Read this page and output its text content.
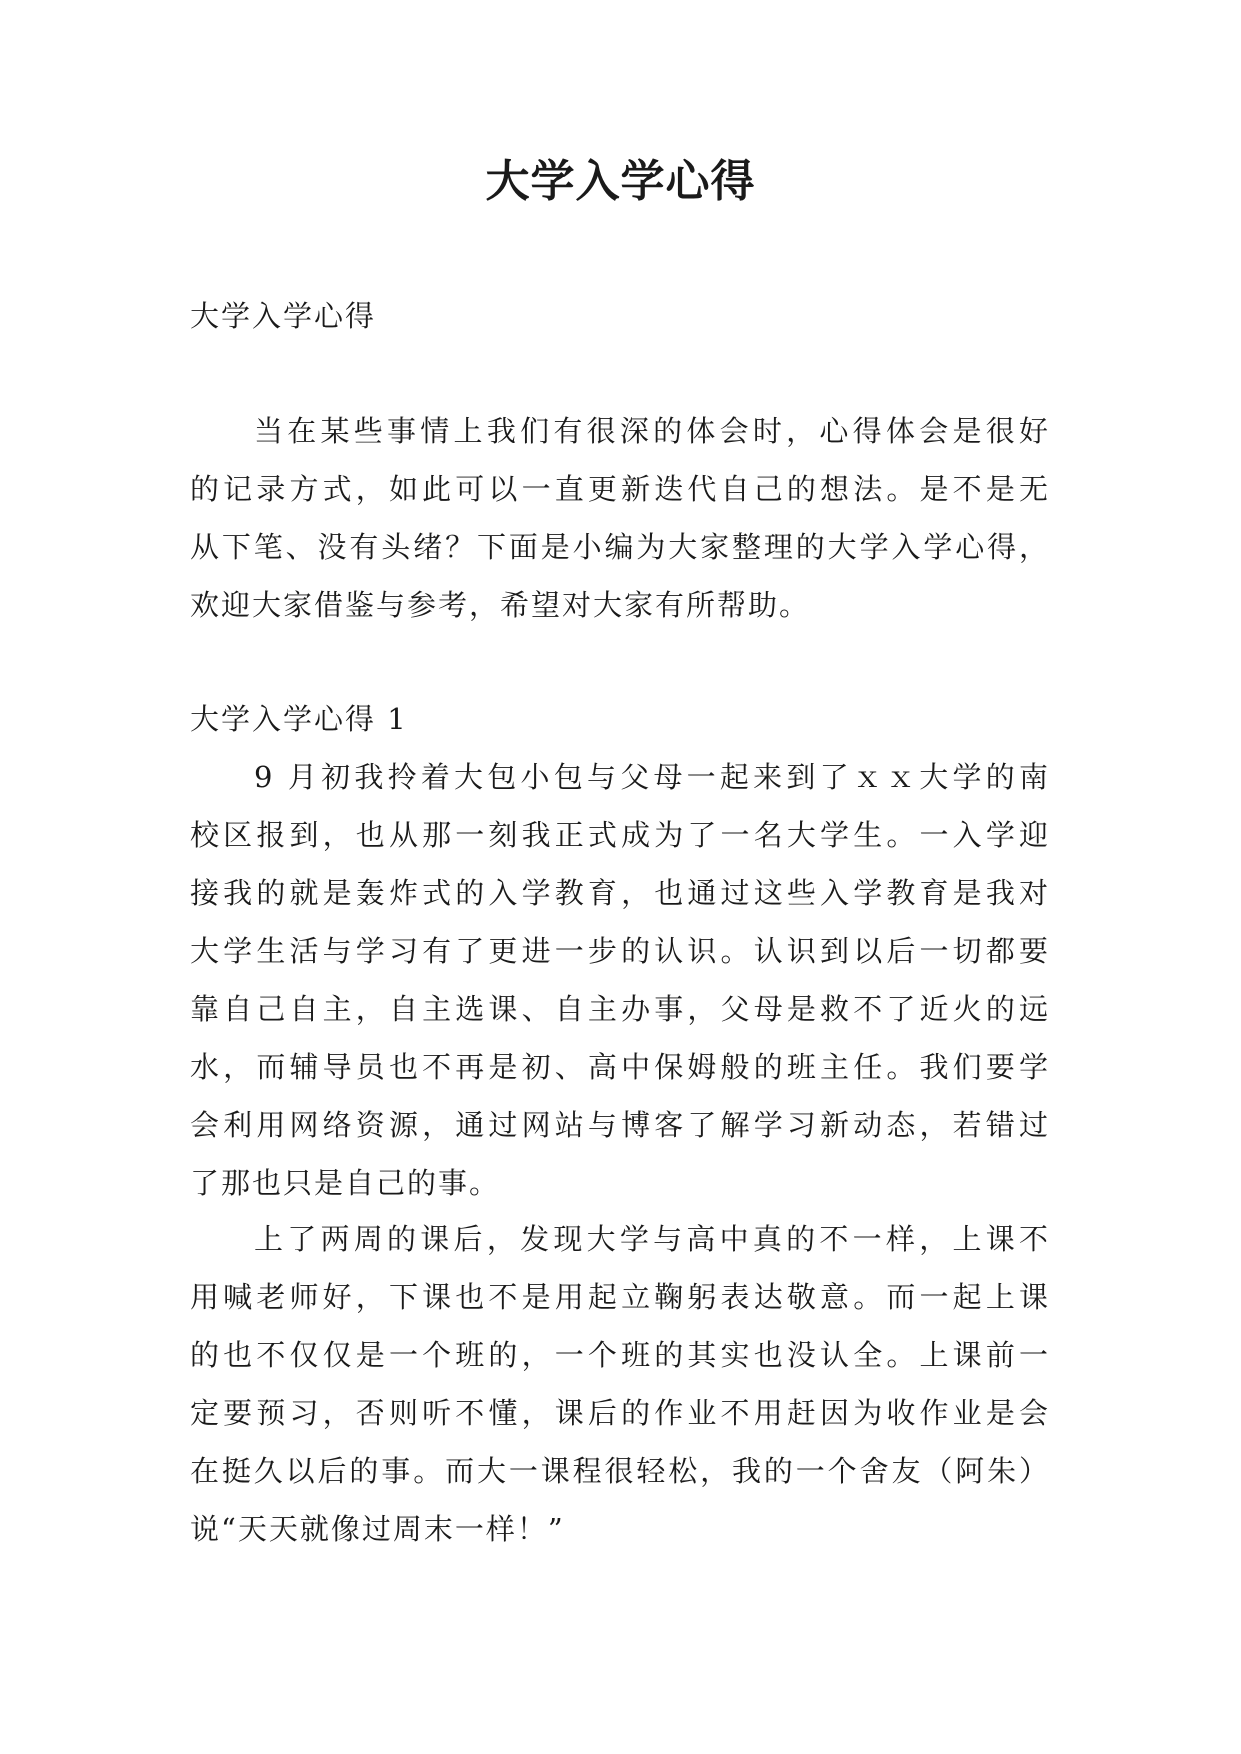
大学入学心得

大学入学心得

当在某些事情上我们有很深的体会时，心得体会是很好
的记录方式，如此可以一直更新迭代自己的想法。是不是无
从下笔、没有头绪？下面是小编为大家整理的大学入学心得，
欢迎大家借鉴与参考，希望对大家有所帮助。

大学入学心得 1

9 月初我拎着大包小包与父母一起来到了ｘｘ大学的南
校区报到，也从那一刻我正式成为了一名大学生。一入学迎
接我的就是轰炸式的入学教育，也通过这些入学教育是我对
大学生活与学习有了更进一步的认识。认识到以后一切都要
靠自己自主，自主选课、自主办事，父母是救不了近火的远
水，而辅导员也不再是初、高中保姆般的班主任。我们要学
会利用网络资源，通过网站与博客了解学习新动态，若错过
了那也只是自己的事。
上了两周的课后，发现大学与高中真的不一样，上课不
用喊老师好，下课也不是用起立鞠躬表达敬意。而一起上课
的也不仅仅是一个班的，一个班的其实也没认全。上课前一
定要预习，否则听不懂，课后的作业不用赶因为收作业是会
在挺久以后的事。而大一课程很轻松，我的一个舍友（阿朱）
说“天天就像过周末一样！”
